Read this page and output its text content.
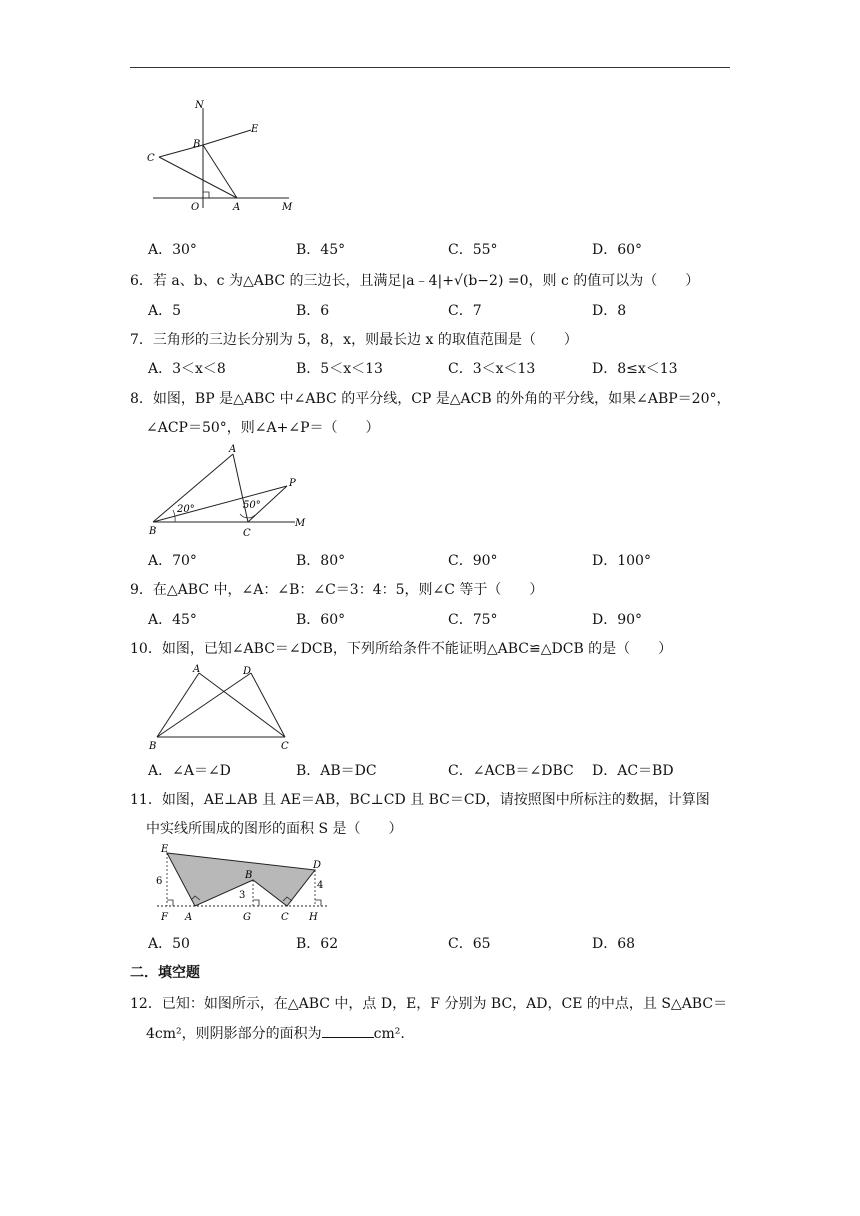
N
E
B
C
O	A	M
A．30°	B．45°	C．55°	D．60°
6．若 a、b、c 为△ABC 的三边长，且满足|a﹣4|+√(b−2) =0，则 c 的值可以为（　　）
A．5	B．6	C．7	D．8
7．三角形的三边长分别为 5，8，x，则最长边 x 的取值范围是（　　）
A．3＜x＜8	B．5＜x＜13	C．3＜x＜13	D．8≤x＜13
8．如图，BP 是△ABC 中∠ABC 的平分线，CP 是△ACB 的外角的平分线，如果∠ABP＝20°，
∠ACP＝50°，则∠A+∠P＝（　　）
A
P
B	C
M
20°	50°
A．70°	B．80°	C．90°	D．100°
9．在△ABC 中，∠A：∠B：∠C＝3：4：5，则∠C 等于（　　）
A．45°	B．60°	C．75°	D．90°
10．如图，已知∠ABC＝∠DCB，下列所给条件不能证明△ABC≌△DCB 的是（　　）
A	D
B	C
A．∠A＝∠D	B．AB＝DC	C．∠ACB＝∠DBC D．AC＝BD
11．如图，AE⊥AB 且 AE＝AB，BC⊥CD 且 BC＝CD，请按照图中所标注的数据，计算图
中实线所围成的图形的面积 S 是（　　）
E
D
B
F A	G	C H
6
3
4
A．50	B．62	C．65	D．68
二．填空题
12．已知：如图所示，在△ABC 中，点 D，E，F 分别为 BC，AD，CE 的中点，且 S△ABC＝
4cm²，则阴影部分的面积为	cm².
